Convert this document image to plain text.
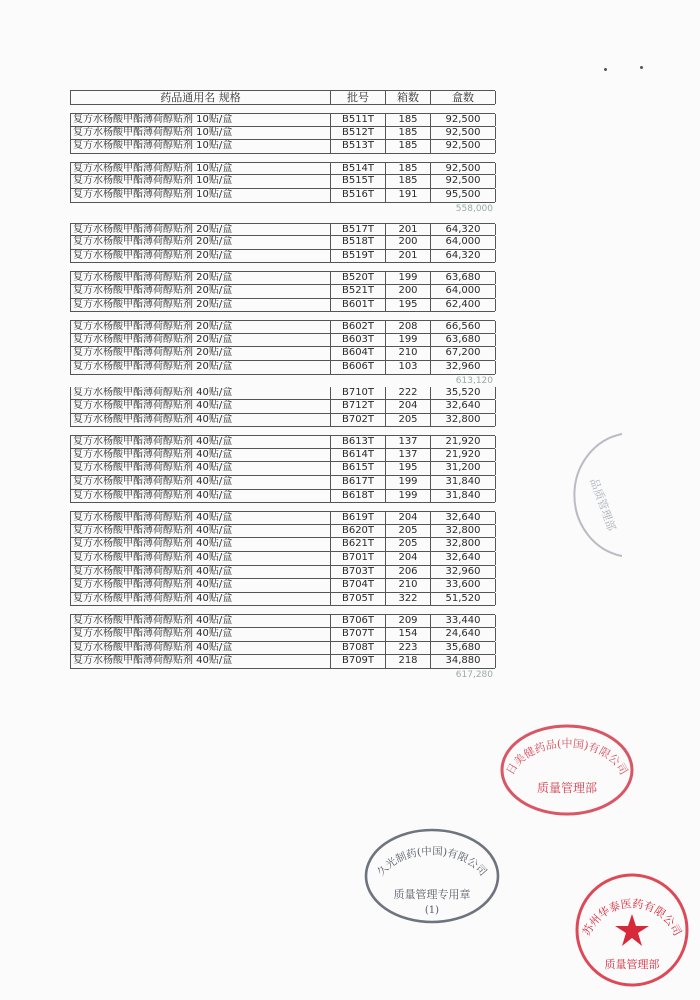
药品通用名 规格	批号	箱数	盒数
复方水杨酸甲酯薄荷醇贴剂 10贴/盒	B511T	185	92,500
复方水杨酸甲酯薄荷醇贴剂 10贴/盒	B512T	185	92,500
复方水杨酸甲酯薄荷醇贴剂 10贴/盒	B513T	185	92,500
复方水杨酸甲酯薄荷醇贴剂 10贴/盒	B514T	185	92,500
复方水杨酸甲酯薄荷醇贴剂 10贴/盒	B515T	185	92,500
复方水杨酸甲酯薄荷醇贴剂 10贴/盒	B516T	191	95,500
558,000
复方水杨酸甲酯薄荷醇贴剂 20贴/盒	B517T	201	64,320
复方水杨酸甲酯薄荷醇贴剂 20贴/盒	B518T	200	64,000
复方水杨酸甲酯薄荷醇贴剂 20贴/盒	B519T	201	64,320
复方水杨酸甲酯薄荷醇贴剂 20贴/盒	B520T	199	63,680
复方水杨酸甲酯薄荷醇贴剂 20贴/盒	B521T	200	64,000
复方水杨酸甲酯薄荷醇贴剂 20贴/盒	B601T	195	62,400
复方水杨酸甲酯薄荷醇贴剂 20贴/盒	B602T	208	66,560
复方水杨酸甲酯薄荷醇贴剂 20贴/盒	B603T	199	63,680
复方水杨酸甲酯薄荷醇贴剂 20贴/盒	B604T	210	67,200
复方水杨酸甲酯薄荷醇贴剂 20贴/盒	B606T	103	32,960
613,120
复方水杨酸甲酯薄荷醇贴剂 40贴/盒	B710T	222	35,520
复方水杨酸甲酯薄荷醇贴剂 40贴/盒	B712T	204	32,640
复方水杨酸甲酯薄荷醇贴剂 40贴/盒	B702T	205	32,800
复方水杨酸甲酯薄荷醇贴剂 40贴/盒	B613T	137	21,920
复方水杨酸甲酯薄荷醇贴剂 40贴/盒	B614T	137	21,920
复方水杨酸甲酯薄荷醇贴剂 40贴/盒	B615T	195	31,200
复方水杨酸甲酯薄荷醇贴剂 40贴/盒	B617T	199	31,840
复方水杨酸甲酯薄荷醇贴剂 40贴/盒	B618T	199	31,840
复方水杨酸甲酯薄荷醇贴剂 40贴/盒	B619T	204	32,640
复方水杨酸甲酯薄荷醇贴剂 40贴/盒	B620T	205	32,800
复方水杨酸甲酯薄荷醇贴剂 40贴/盒	B621T	205	32,800
复方水杨酸甲酯薄荷醇贴剂 40贴/盒	B701T	204	32,640
复方水杨酸甲酯薄荷醇贴剂 40贴/盒	B703T	206	32,960
复方水杨酸甲酯薄荷醇贴剂 40贴/盒	B704T	210	33,600
复方水杨酸甲酯薄荷醇贴剂 40贴/盒	B705T	322	51,520
复方水杨酸甲酯薄荷醇贴剂 40贴/盒	B706T	209	33,440
复方水杨酸甲酯薄荷醇贴剂 40贴/盒	B707T	154	24,640
复方水杨酸甲酯薄荷醇贴剂 40贴/盒	B708T	223	35,680
复方水杨酸甲酯薄荷醇贴剂 40贴/盒	B709T	218	34,880
617,280
日美健药品(中国)有限公司
质量管理部
久光制药(中国)有限公司
质量管理专用章
(1)
苏州华泰医药有限公司
质量管理部
品质管理部
